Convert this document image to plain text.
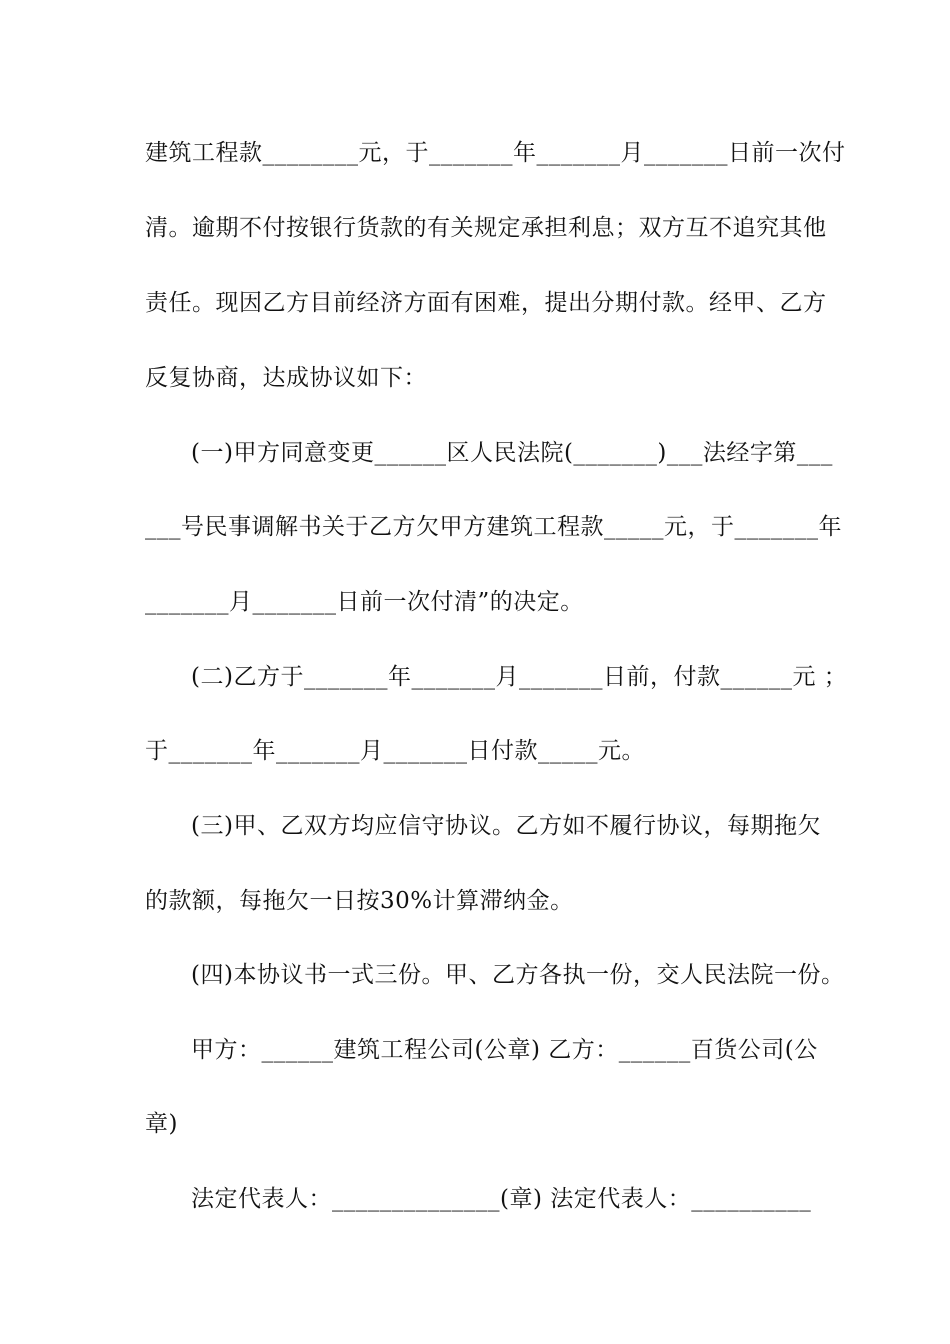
建筑工程款________元，于_______年_______月_______日前一次付
清。逾期不付按银行货款的有关规定承担利息；双方互不追究其他
责任。现因乙方目前经济方面有困难，提出分期付款。经甲、乙方
反复协商，达成协议如下：
(一)甲方同意变更______区人民法院(_______)___法经字第___
___号民事调解书关于乙方欠甲方建筑工程款_____元，于_______年
_______月_______日前一次付清”的决定。
(二)乙方于_______年_______月_______日前，付款______元 ；
于_______年_______月_______日付款_____元。
(三)甲、乙双方均应信守协议。乙方如不履行协议，每期拖欠
的款额，每拖欠一日按30%计算滞纳金。
(四)本协议书一式三份。甲、乙方各执一份，交人民法院一份。
甲方：______建筑工程公司(公章) 乙方：______百货公司(公
章)
法定代表人：______________(章) 法定代表人：__________
